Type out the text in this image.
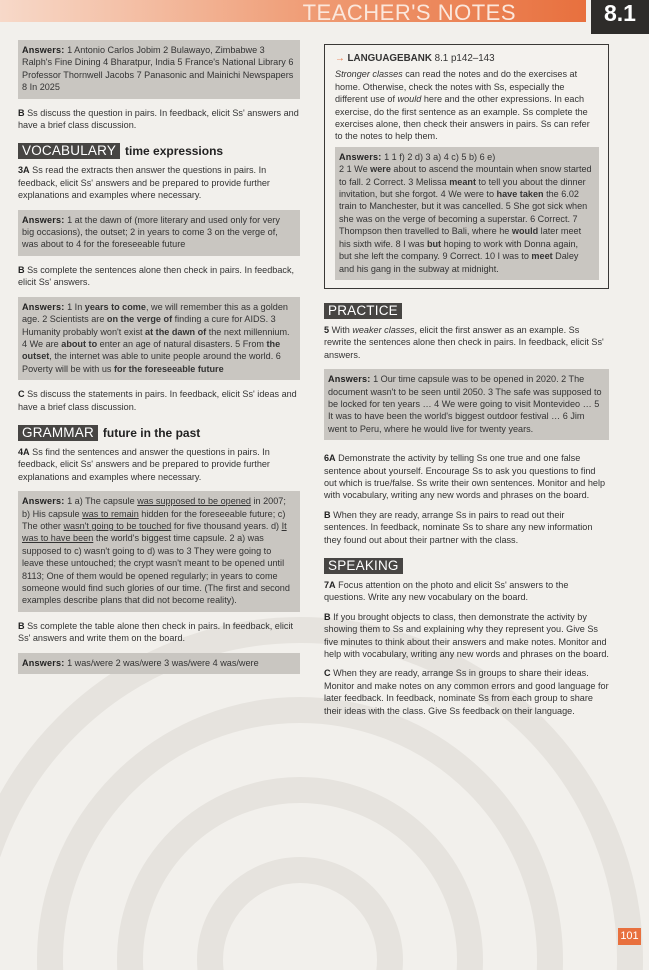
TEACHER'S NOTES	8.1
Answers: 1 Antonio Carlos Jobim 2 Bulawayo, Zimbabwe 3 Ralph's Fine Dining 4 Bharatpur, India 5 France's National Library 6 Professor Thornwell Jacobs 7 Panasonic and Mainichi Newspapers 8 In 2025

B Ss discuss the question in pairs. In feedback, elicit Ss' answers and have a brief class discussion.

VOCABULARY time expressions

3A Ss read the extracts then answer the questions in pairs. In feedback, elicit Ss' answers and be prepared to provide further explanations and examples where necessary.

Answers: 1 at the dawn of (more literary and used only for very big occasions), the outset; 2 in years to come 3 on the verge of, was about to 4 for the foreseeable future

B Ss complete the sentences alone then check in pairs. In feedback, elicit Ss' answers.

Answers: 1 In years to come, we will remember this as a golden age. 2 Scientists are on the verge of finding a cure for AIDS. 3 Humanity probably won't exist at the dawn of the next millennium. 4 We are about to enter an age of natural disasters. 5 From the outset, the internet was able to unite people around the world. 6 Poverty will be with us for the foreseeable future

C Ss discuss the statements in pairs. In feedback, elicit Ss' ideas and have a brief class discussion.

GRAMMAR future in the past

4A Ss find the sentences and answer the questions in pairs. In feedback, elicit Ss' answers and be prepared to provide further explanations and examples where necessary.

Answers: 1 a) The capsule was supposed to be opened in 2007; b) His capsule was to remain hidden for the foreseeable future; c) The other wasn't going to be touched for five thousand years. d) It was to have been the world's biggest time capsule. 2 a) was supposed to c) wasn't going to d) was to 3 They were going to leave these untouched; the crypt wasn't meant to be opened until 8113; One of them would be opened regularly; in years to come someone would find such glories of our time. (The first and second examples describe plans that did not become reality).

B Ss complete the table alone then check in pairs. In feedback, elicit Ss' answers and write them on the board.

Answers: 1 was/were 2 was/were 3 was/were 4 was/were
→ LANGUAGEBANK 8.1 p142–143

Stronger classes can read the notes and do the exercises at home. Otherwise, check the notes with Ss, especially the different use of would here and the other expressions. In each exercise, do the first sentence as an example. Ss complete the exercises alone, then check their answers in pairs. Ss can refer to the notes to help them.

Answers: 1 1 f) 2 d) 3 a) 4 c) 5 b) 6 e)
2 1 We were about to ascend the mountain when snow started to fall. 2 Correct. 3 Melissa meant to tell you about the dinner invitation, but she forgot. 4 We were to have taken the 6.02 train to Manchester, but it was cancelled. 5 She got sick when she was on the verge of becoming a superstar. 6 Correct. 7 Thompson then travelled to Bali, where he would later meet his sixth wife. 8 I was but hoping to work with Donna again, but she left the company. 9 Correct. 10 I was to meet Daley and his gang in the subway at midnight.
PRACTICE

5 With weaker classes, elicit the first answer as an example. Ss rewrite the sentences alone then check in pairs. In feedback, elicit Ss' answers.

Answers: 1 Our time capsule was to be opened in 2020. 2 The document wasn't to be seen until 2050. 3 The safe was supposed to be locked for ten years … 4 We were going to visit Montevideo … 5 It was to have been the world's biggest outdoor festival … 6 Jim went to Peru, where he would live for twenty years.

6A Demonstrate the activity by telling Ss one true and one false sentence about yourself. Encourage Ss to ask you questions to find out which is true/false. Ss write their own sentences. Monitor and help with vocabulary, writing any new words and phrases on the board.

B When they are ready, arrange Ss in pairs to read out their sentences. In feedback, nominate Ss to share any new information they found out about their partner with the class.

SPEAKING

7A Focus attention on the photo and elicit Ss' answers to the questions. Write any new vocabulary on the board.

B If you brought objects to class, then demonstrate the activity by showing them to Ss and explaining why they represent you. Give Ss five minutes to think about their answers and make notes. Monitor and help with vocabulary, writing any new words and phrases on the board.

C When they are ready, arrange Ss in groups to share their ideas. Monitor and make notes on any common errors and good language for later feedback. In feedback, nominate Ss from each group to share their ideas with the class. Give Ss feedback on their language.

101
